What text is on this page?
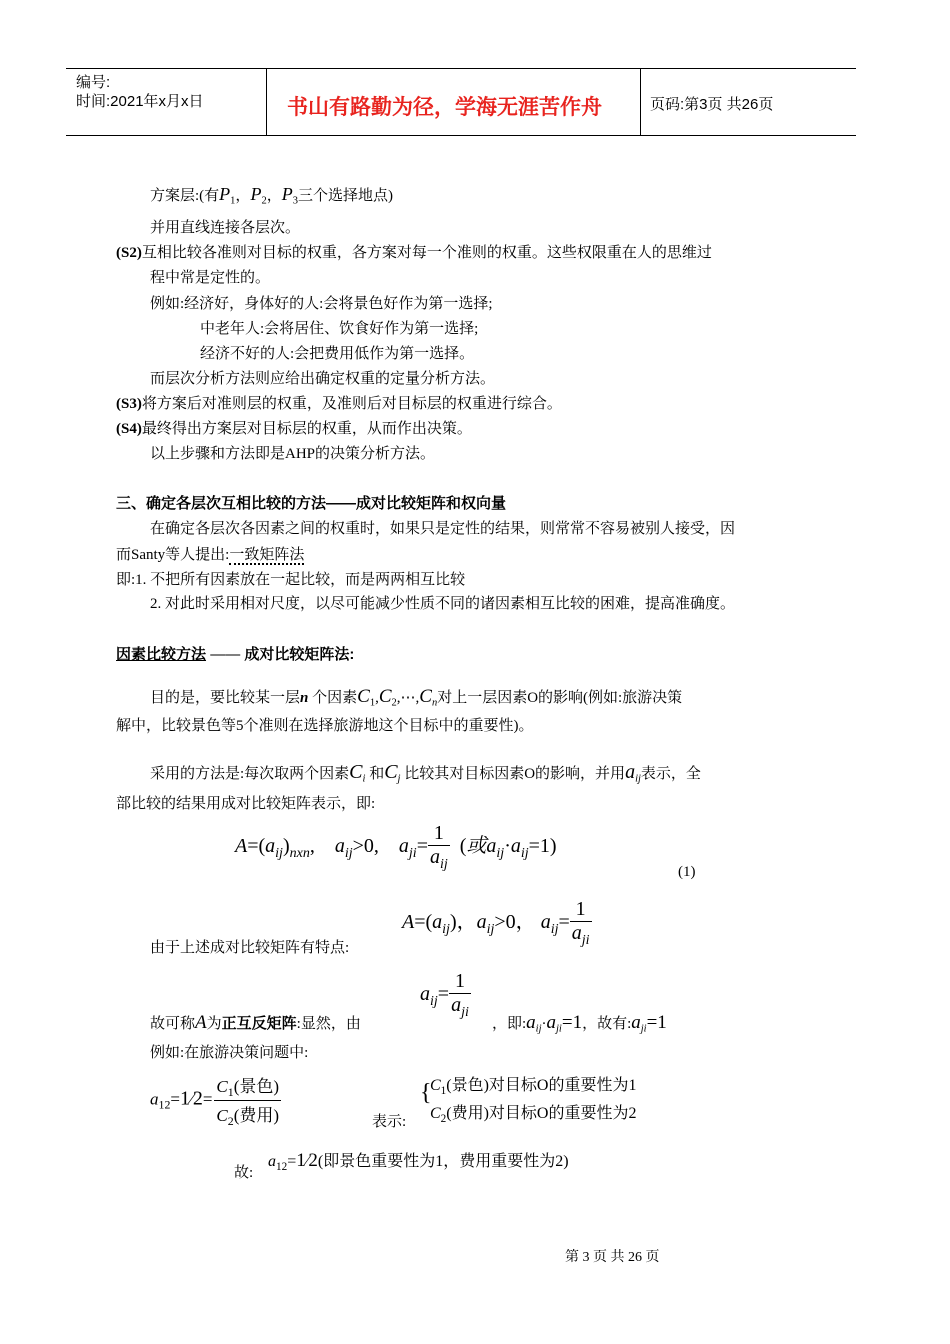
编号:
时间:2021年x月x日	书山有路勤为径，学海无涯苦作舟	页码:第3页 共26页
方案层:(有$P_1$，$P_2$，$P_3$三个选择地点)
并用直线连接各层次。
(S2)互相比较各准则对目标的权重，各方案对每一个准则的权重。这些权限重在人的思维过
程中常是定性的。
例如:经济好，身体好的人:会将景色好作为第一选择;
中老年人:会将居住、饮食好作为第一选择;
经济不好的人:会把费用低作为第一选择。
而层次分析方法则应给出确定权重的定量分析方法。
(S3)将方案后对准则层的权重，及准则后对目标层的权重进行综合。
(S4)最终得出方案层对目标层的权重，从而作出决策。
以上步骤和方法即是AHP的决策分析方法。
三、确定各层次互相比较的方法——成对比较矩阵和权向量
在确定各层次各因素之间的权重时，如果只是定性的结果，则常常不容易被别人接受，因
而Santy等人提出:一致矩阵法
即:1. 不把所有因素放在一起比较，而是两两相互比较
2. 对此时采用相对尺度，以尽可能减少性质不同的诸因素相互比较的困难，提高准确度。
因素比较方法 —— 成对比较矩阵法:
目的是，要比较某一层n 个因素$C_1,C_2,\cdots,C_n$对上一层因素O的影响(例如:旅游决策
解中，比较景色等5个准则在选择旅游地这个目标中的重要性)。
采用的方法是:每次取两个因素$C_i$ 和$C_j$ 比较其对目标因素O的影响，并用$a_{ij}$表示，全
部比较的结果用成对比较矩阵表示，即:
$A=(a_{ij})_{nxn}$,    $a_{ij}>0$,    $a_{ji}= \frac{1}{a_{ij}}$ (或$a_{ij}\cdot a_{ij}=1$)
(1)
$A=(a_{ij})$，$a_{ij}>0$， $a_{ij}= \frac{1}{a_{ji}}$
由于上述成对比较矩阵有特点:
$a_{ij}= \frac{1}{a_{ji}}$
故可称A为正互反矩阵:显然，由	，即$:a_{ij}\cdot a_{ji}=1$，故有$:a_{ji}=1$
例如:在旅游决策问题中:
$a_{12}=1⁄2= \frac{C_1(景色)}{C_2(费用)}$	表示:
{
$C_1$(景色)对目标O的重要性为1
$C_2$(费用)对目标O的重要性为2
故:
$a_{12}=1⁄2$(即景色重要性为1，费用重要性为2)
第 3 页 共 26 页
